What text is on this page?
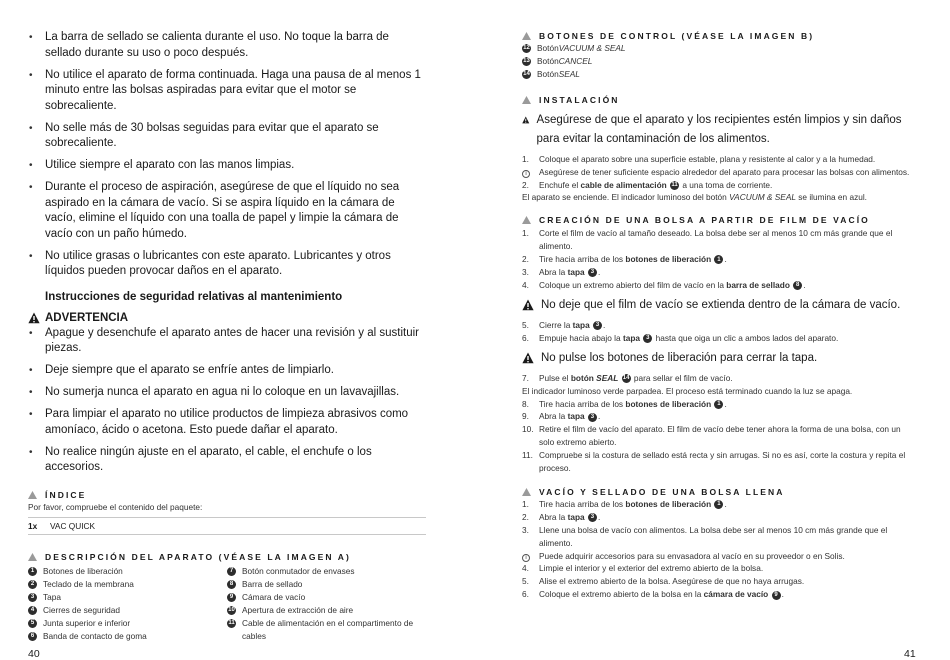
• La barra de sellado se calienta durante el uso. No toque la barra de sellado durante su uso o poco después.
• No utilice el aparato de forma continuada. Haga una pausa de al menos 1 minuto entre las bolsas aspiradas para evitar que el motor se sobrecaliente.
• No selle más de 30 bolsas seguidas para evitar que el aparato se sobrecaliente.
• Utilice siempre el aparato con las manos limpias.
• Durante el proceso de aspiración, asegúrese de que el líquido no sea aspirado en la cámara de vacío. Si se aspira líquido en la cámara de vacío, elimine el líquido con una toalla de papel y limpie la cámara de vacío con un paño húmedo.
• No utilice grasas o lubricantes con este aparato. Lubricantes y otros líquidos pueden provocar daños en el aparato.
Instrucciones de seguridad relativas al mantenimiento
ADVERTENCIA
• Apague y desenchufe el aparato antes de hacer una revisión y al sustituir piezas.
• Deje siempre que el aparato se enfríe antes de limpiarlo.
• No sumerja nunca el aparato en agua ni lo coloque en un lavavajillas.
• Para limpiar el aparato no utilice productos de limpieza abrasivos como amoníaco, ácido o acetona. Esto puede dañar el aparato.
• No realice ningún ajuste en el aparato, el cable, el enchufe o los accesorios.
ÍNDICE
Por favor, compruebe el contenido del paquete:
1x	VAC QUICK
DESCRIPCIÓN DEL APARATO (VÉASE LA IMAGEN A)
1	Botones de liberación
2	Teclado de la membrana
3	Tapa
4	Cierres de seguridad
5	Junta superior e inferior
6	Banda de contacto de goma
7	Botón conmutador de envases
8	Barra de sellado
9	Cámara de vacío
10 Apertura de extracción de aire
11 Cable de alimentación en el compartimento de cables
40
BOTONES DE CONTROL (VÉASE LA IMAGEN B)
12 Botón VACUUM & SEAL
13 Botón CANCEL
14 Botón SEAL
INSTALACIÓN
Asegúrese de que el aparato y los recipientes estén limpios y sin daños para evitar la contaminación de los alimentos.
1.	Coloque el aparato sobre una superficie estable, plana y resistente al calor y a la humedad.
i	Asegúrese de tener suficiente espacio alrededor del aparato para procesar las bolsas con alimentos.
2.	Enchufe el cable de alimentación 11 a una toma de corriente.
El aparato se enciende. El indicador luminoso del botón VACUUM & SEAL se ilumina en azul.
CREACIÓN DE UNA BOLSA A PARTIR DE FILM DE VACÍO
1.	Corte el film de vacío al tamaño deseado. La bolsa debe ser al menos 10 cm más grande que el alimento.
2.	Tire hacia arriba de los botones de liberación 1 .
3.	Abra la tapa 3 .
4.	Coloque un extremo abierto del film de vacío en la barra de sellado 8 .
No deje que el film de vacío se extienda dentro de la cámara de vacío.
5.	Cierre la tapa 3 .
6.	Empuje hacia abajo la tapa 3 hasta que oiga un clic a ambos lados del aparato.
No pulse los botones de liberación para cerrar la tapa.
7.	Pulse el botón SEAL 14 para sellar el film de vacío.
El indicador luminoso verde parpadea. El proceso está terminado cuando la luz se apaga.
8.	Tire hacia arriba de los botones de liberación 1 .
9.	Abra la tapa 3 .
10. Retire el film de vacío del aparato. El film de vacío debe tener ahora la forma de una bolsa, con un solo extremo abierto.
11. Compruebe si la costura de sellado está recta y sin arrugas. Si no es así, corte la costura y repita el proceso.
VACÍO Y SELLADO DE UNA BOLSA LLENA
1.	Tire hacia arriba de los botones de liberación 1 .
2.	Abra la tapa 3 .
3.	Llene una bolsa de vacío con alimentos. La bolsa debe ser al menos 10 cm más grande que el alimento.
i	Puede adquirir accesorios para su envasadora al vacío en su proveedor o en Solis.
4.	Limpie el interior y el exterior del extremo abierto de la bolsa.
5.	Alise el extremo abierto de la bolsa. Asegúrese de que no haya arrugas.
6.	Coloque el extremo abierto de la bolsa en la cámara de vacío 9 .
41
